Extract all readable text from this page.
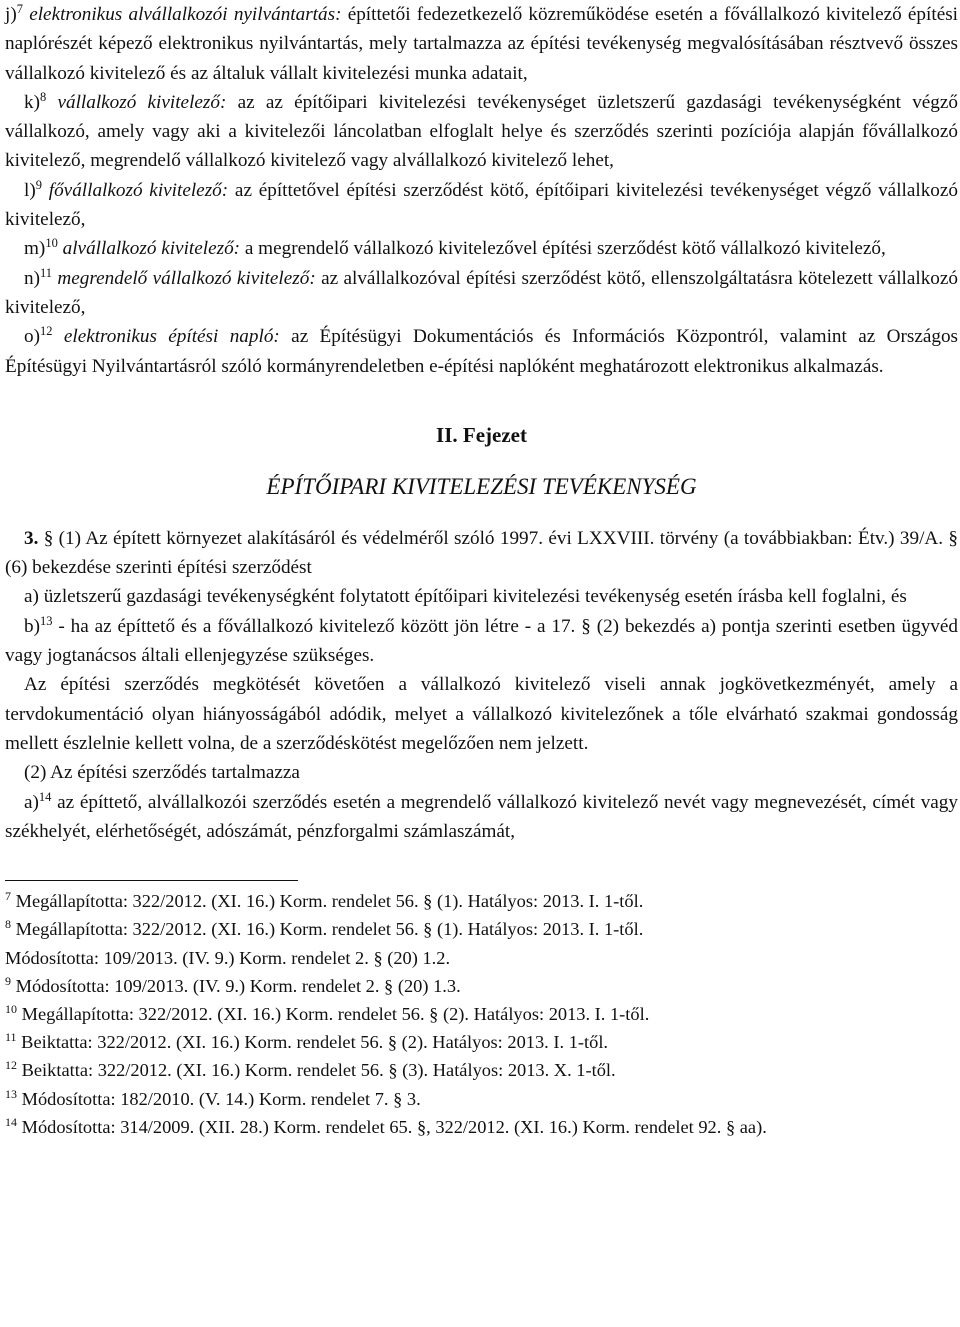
j)$^7$ elektronikus alvállalkozói nyilvántartás: építtetői fedezetkezelő közreműködése esetén a fővállalkozó kivitelező építési naplórészét képező elektronikus nyilvántartás, mely tartalmazza az építési tevékenység megvalósításában résztvevő összes vállalkozó kivitelező és az általuk vállalt kivitelezési munka adatait,

k)$^8$ vállalkozó kivitelező: az az építőipari kivitelezési tevékenységet üzletszerű gazdasági tevékenységként végző vállalkozó, amely vagy aki a kivitelezői láncolatban elfoglalt helye és szerződés szerinti pozíciója alapján fővállalkozó kivitelező, megrendelő vállalkozó kivitelező vagy alvállalkozó kivitelező lehet,

l)$^9$ fővállalkozó kivitelező: az építtetővel építési szerződést kötő, építőipari kivitelezési tevékenységet végző vállalkozó kivitelező,

m)$^{10}$ alvállalkozó kivitelező: a megrendelő vállalkozó kivitelezővel építési szerződést kötő vállalkozó kivitelező,

n)$^{11}$ megrendelő vállalkozó kivitelező: az alvállalkozóval építési szerződést kötő, ellenszolgáltatásra kötelezett vállalkozó kivitelező,

o)$^{12}$ elektronikus építési napló: az Építésügyi Dokumentációs és Információs Központról, valamint az Országos Építésügyi Nyilvántartásról szóló kormányrendeletben e-építési naplóként meghatározott elektronikus alkalmazás.

II. Fejezet
ÉPÍTŐIPARI KIVITELEZÉSI TEVÉKENYSÉG

3. § (1) Az épített környezet alakításáról és védelméről szóló 1997. évi LXXVIII. törvény (a továbbiakban: Étv.) 39/A. § (6) bekezdése szerinti építési szerződést

a) üzletszerű gazdasági tevékenységként folytatott építőipari kivitelezési tevékenység esetén írásba kell foglalni, és

b)$^{13}$ - ha az építtető és a fővállalkozó kivitelező között jön létre - a 17. § (2) bekezdés a) pontja szerinti esetben ügyvéd vagy jogtanácsos általi ellenjegyzése szükséges.

Az építési szerződés megkötését követően a vállalkozó kivitelező viseli annak jogkövetkezményét, amely a tervdokumentáció olyan hiányosságából adódik, melyet a vállalkozó kivitelezőnek a tőle elvárható szakmai gondosság mellett észlelnie kellett volna, de a szerződéskötést megelőzően nem jelzett.

(2) Az építési szerződés tartalmazza

a)$^{14}$ az építtető, alvállalkozói szerződés esetén a megrendelő vállalkozó kivitelező nevét vagy megnevezését, címét vagy székhelyét, elérhetőségét, adószámát, pénzforgalmi számlaszámát,

$^7$ Megállapította: 322/2012. (XI. 16.) Korm. rendelet 56. § (1). Hatályos: 2013. I. 1-től.

$^8$ Megállapította: 322/2012. (XI. 16.) Korm. rendelet 56. § (1). Hatályos: 2013. I. 1-től.
Módosította: 109/2013. (IV. 9.) Korm. rendelet 2. § (20) 1.2.

$^9$ Módosította: 109/2013. (IV. 9.) Korm. rendelet 2. § (20) 1.3.

$^{10}$ Megállapította: 322/2012. (XI. 16.) Korm. rendelet 56. § (2). Hatályos: 2013. I. 1-től.

$^{11}$ Beiktatta: 322/2012. (XI. 16.) Korm. rendelet 56. § (2). Hatályos: 2013. I. 1-től.

$^{12}$ Beiktatta: 322/2012. (XI. 16.) Korm. rendelet 56. § (3). Hatályos: 2013. X. 1-től.

$^{13}$ Módosította: 182/2010. (V. 14.) Korm. rendelet 7. § 3.

$^{14}$ Módosította: 314/2009. (XII. 28.) Korm. rendelet 65. §, 322/2012. (XI. 16.) Korm. rendelet 92. § aa).
